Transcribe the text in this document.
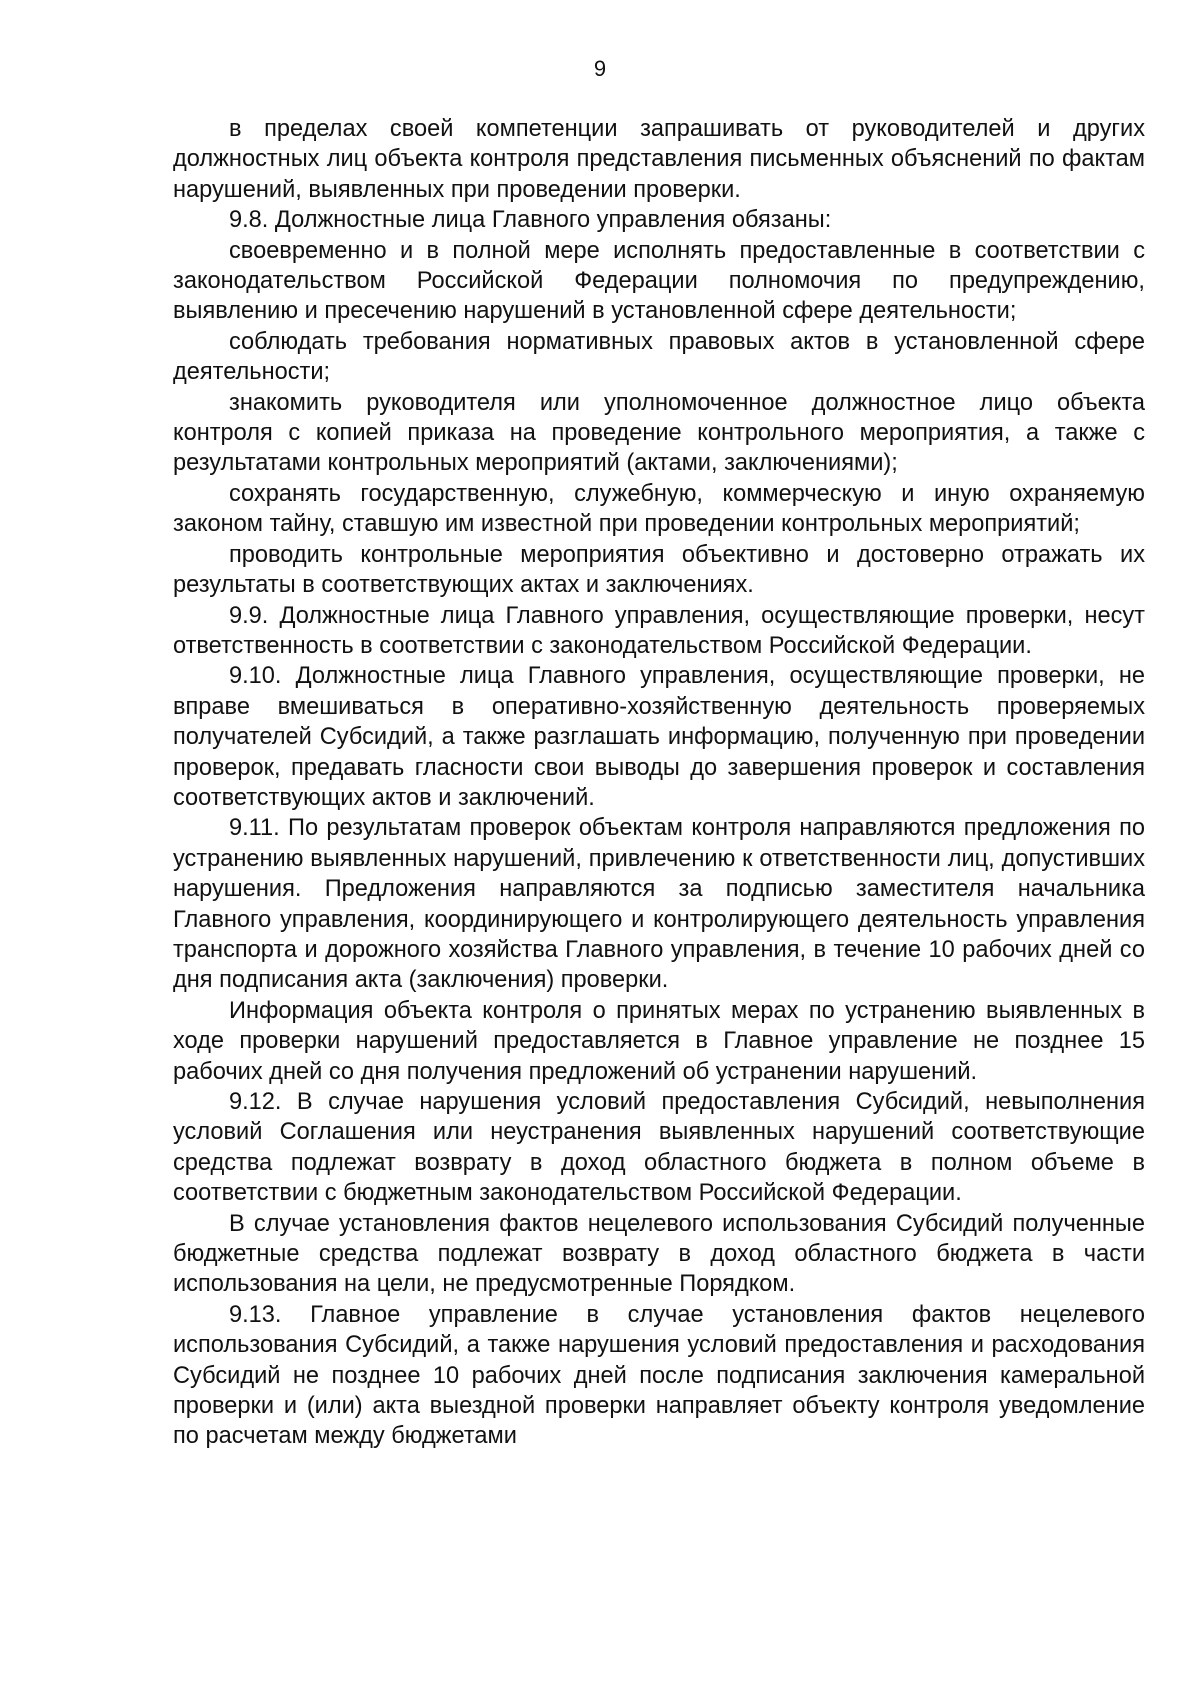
9

в пределах своей компетенции запрашивать от руководителей и других должностных лиц объекта контроля представления письменных объяснений по фактам нарушений, выявленных при проведении проверки.

9.8. Должностные лица Главного управления обязаны:

своевременно и в полной мере исполнять предоставленные в соответствии с законодательством Российской Федерации полномочия по предупреждению, выявлению и пресечению нарушений в установленной сфере деятельности;

соблюдать требования нормативных правовых актов в установленной сфере деятельности;

знакомить руководителя или уполномоченное должностное лицо объекта контроля с копией приказа на проведение контрольного мероприятия, а также с результатами контрольных мероприятий (актами, заключениями);

сохранять государственную, служебную, коммерческую и иную охраняемую законом тайну, ставшую им известной при проведении контрольных мероприятий;

проводить контрольные мероприятия объективно и достоверно отражать их результаты в соответствующих актах и заключениях.

9.9. Должностные лица Главного управления, осуществляющие проверки, несут ответственность в соответствии с законодательством Российской Федерации.

9.10. Должностные лица Главного управления, осуществляющие проверки, не вправе вмешиваться в оперативно-хозяйственную деятельность проверяемых получателей Субсидий, а также разглашать информацию, полученную при проведении проверок, предавать гласности свои выводы до завершения проверок и составления соответствующих актов и заключений.

9.11. По результатам проверок объектам контроля направляются предложения по устранению выявленных нарушений, привлечению к ответственности лиц, допустивших нарушения. Предложения направляются за подписью заместителя начальника Главного управления, координирующего и контролирующего деятельность управления транспорта и дорожного хозяйства Главного управления, в течение 10 рабочих дней со дня подписания акта (заключения) проверки.

Информация объекта контроля о принятых мерах по устранению выявленных в ходе проверки нарушений предоставляется в Главное управление не позднее 15 рабочих дней со дня получения предложений об устранении нарушений.

9.12. В случае нарушения условий предоставления Субсидий, невыполнения условий Соглашения или неустранения выявленных нарушений соответствующие средства подлежат возврату в доход областного бюджета в полном объеме в соответствии с бюджетным законодательством Российской Федерации.

В случае установления фактов нецелевого использования Субсидий полученные бюджетные средства подлежат возврату в доход областного бюджета в части использования на цели, не предусмотренные Порядком.

9.13. Главное управление в случае установления фактов нецелевого использования Субсидий, а также нарушения условий предоставления и расходования Субсидий не позднее 10 рабочих дней после подписания заключения камеральной проверки и (или) акта выездной проверки направляет объекту контроля уведомление по расчетам между бюджетами
